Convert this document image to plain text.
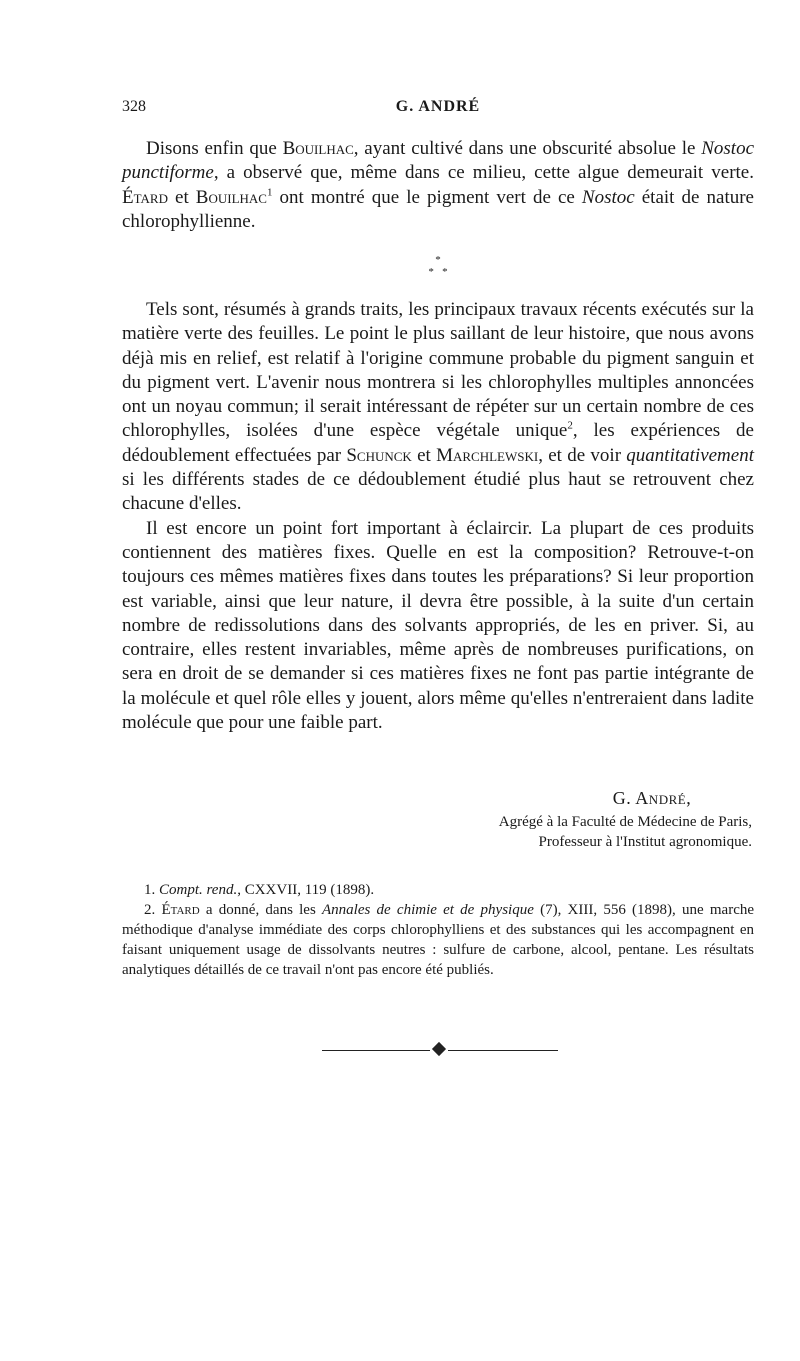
328	G. ANDRÉ

Disons enfin que Bouilhac, ayant cultivé dans une obscurité absolue le Nostoc punctiforme, a observé que, même dans ce milieu, cette algue demeurait verte. Étard et Bouilhac$^1$ ont montré que le pigment vert de ce Nostoc était de nature chlorophyllienne.

*
*   *

Tels sont, résumés à grands traits, les principaux travaux récents exécutés sur la matière verte des feuilles. Le point le plus saillant de leur histoire, que nous avons déjà mis en relief, est relatif à l'origine commune probable du pigment sanguin et du pigment vert. L'avenir nous montrera si les chlorophylles multiples annoncées ont un noyau commun; il serait intéressant de répéter sur un certain nombre de ces chlorophylles, isolées d'une espèce végétale unique$^2$, les expériences de dédoublement effectuées par Schunck et Marchlewski, et de voir quantitativement si les différents stades de ce dédoublement étudié plus haut se retrouvent chez chacune d'elles.

Il est encore un point fort important à éclaircir. La plupart de ces produits contiennent des matières fixes. Quelle en est la composition? Retrouve-t-on toujours ces mêmes matières fixes dans toutes les préparations? Si leur proportion est variable, ainsi que leur nature, il devra être possible, à la suite d'un certain nombre de redissolutions dans des solvants appropriés, de les en priver. Si, au contraire, elles restent invariables, même après de nombreuses purifications, on sera en droit de se demander si ces matières fixes ne font pas partie intégrante de la molécule et quel rôle elles y jouent, alors même qu'elles n'entreraient dans ladite molécule que pour une faible part.

G. André,
Agrégé à la Faculté de Médecine de Paris,
Professeur à l'Institut agronomique.

1. Compt. rend., CXXVII, 119 (1898).

2. Étard a donné, dans les Annales de chimie et de physique (7), XIII, 556 (1898), une marche méthodique d'analyse immédiate des corps chlorophylliens et des substances qui les accompagnent en faisant uniquement usage de dissolvants neutres : sulfure de carbone, alcool, pentane. Les résultats analytiques détaillés de ce travail n'ont pas encore été publiés.
